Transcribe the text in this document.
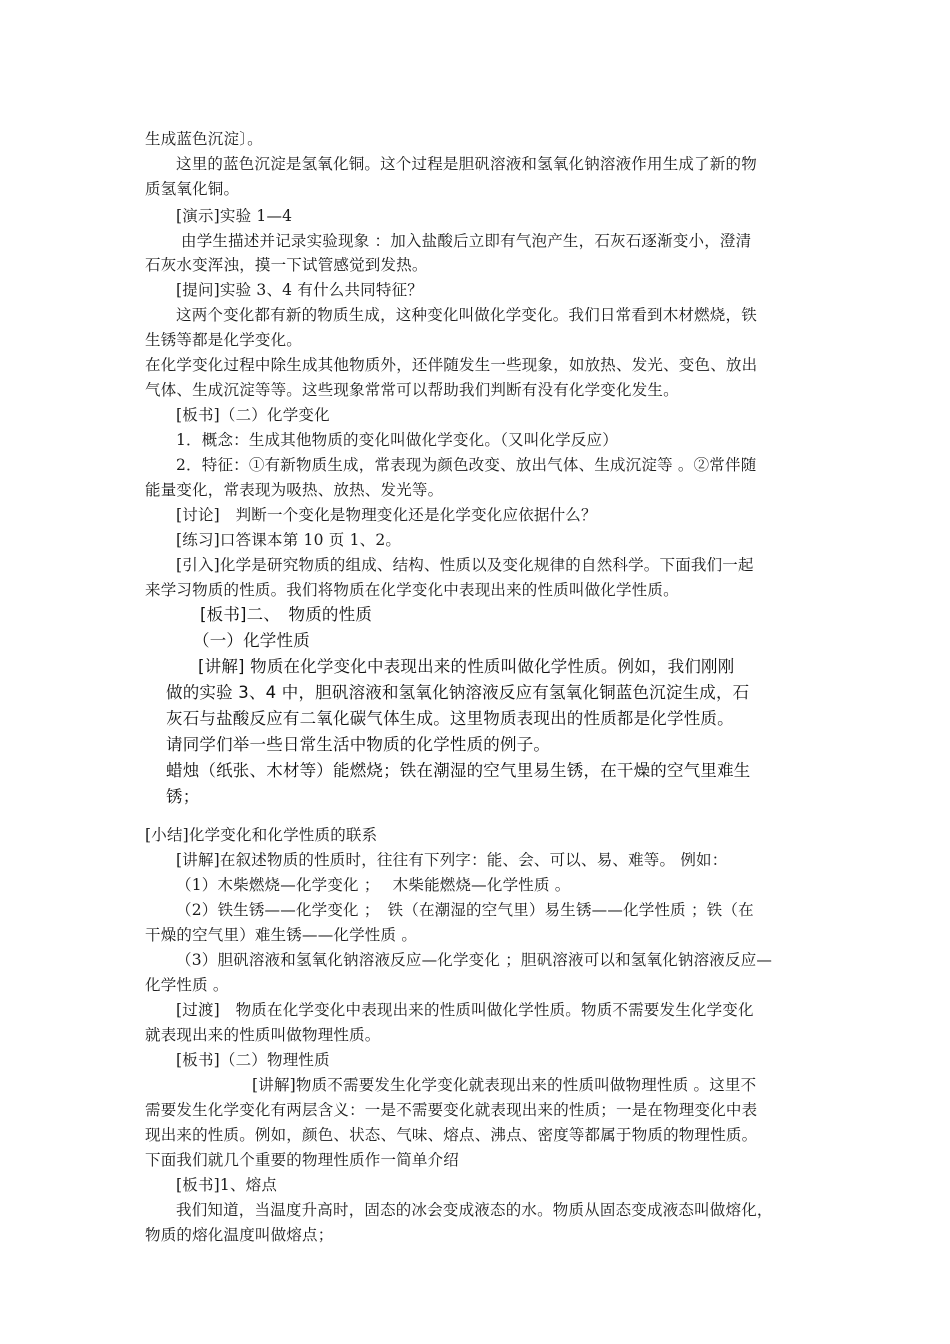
生成蓝色沉淀〕。
这里的蓝色沉淀是氢氧化铜。这个过程是胆矾溶液和氢氧化钠溶液作用生成了新的物
质氢氧化铜。
[演示]实验 1—4
由学生描述并记录实验现象 ：加入盐酸后立即有气泡产生，石灰石逐渐变小，澄清
石灰水变浑浊，摸一下试管感觉到发热。
[提问]实验 3、4 有什么共同特征？
这两个变化都有新的物质生成，这种变化叫做化学变化。我们日常看到木材燃烧，铁
生锈等都是化学变化。
在化学变化过程中除生成其他物质外，还伴随发生一些现象，如放热、发光、变色、放出
气体、生成沉淀等等。这些现象常常可以帮助我们判断有没有化学变化发生。
[板书]（二）化学变化
1．概念：生成其他物质的变化叫做化学变化。（又叫化学反应）
2．特征：①有新物质生成，常表现为颜色改变、放出气体、生成沉淀等 。②常伴随
能量变化，常表现为吸热、放热、发光等。
[讨论]　判断一个变化是物理变化还是化学变化应依据什么？
[练习]口答课本第 10 页 1、2。
[引入]化学是研究物质的组成、结构、性质以及变化规律的自然科学。下面我们一起
来学习物质的性质。我们将物质在化学变化中表现出来的性质叫做化学性质。
[板书]二、　物质的性质
（一）化学性质
[讲解] 物质在化学变化中表现出来的性质叫做化学性质。例如，我们刚刚
做的实验 3、4 中，胆矾溶液和氢氧化钠溶液反应有氢氧化铜蓝色沉淀生成，石
灰石与盐酸反应有二氧化碳气体生成。这里物质表现出的性质都是化学性质。
请同学们举一些日常生活中物质的化学性质的例子。
蜡烛（纸张、木材等）能燃烧；铁在潮湿的空气里易生锈，在干燥的空气里难生
锈；
[小结]化学变化和化学性质的联系
[讲解]在叙述物质的性质时，往往有下列字：能、会、可以、易、难等。 例如：
（1）木柴燃烧—化学变化 ；　 木柴能燃烧—化学性质 。
（2）铁生锈——化学变化 ；　铁（在潮湿的空气里）易生锈——化学性质 ；铁（在
干燥的空气里）难生锈——化学性质 。
（3）胆矾溶液和氢氧化钠溶液反应—化学变化 ；胆矾溶液可以和氢氧化钠溶液反应—
化学性质 。
[过渡]　物质在化学变化中表现出来的性质叫做化学性质。物质不需要发生化学变化
就表现出来的性质叫做物理性质。
[板书]（二）物理性质
[讲解]物质不需要发生化学变化就表现出来的性质叫做物理性质 。这里不
需要发生化学变化有两层含义：一是不需要变化就表现出来的性质；一是在物理变化中表
现出来的性质。例如，颜色、状态、气味、熔点、沸点、密度等都属于物质的物理性质。
下面我们就几个重要的物理性质作一简单介绍
[板书]1、熔点
我们知道，当温度升高时，固态的冰会变成液态的水。物质从固态变成液态叫做熔化，
物质的熔化温度叫做熔点；
